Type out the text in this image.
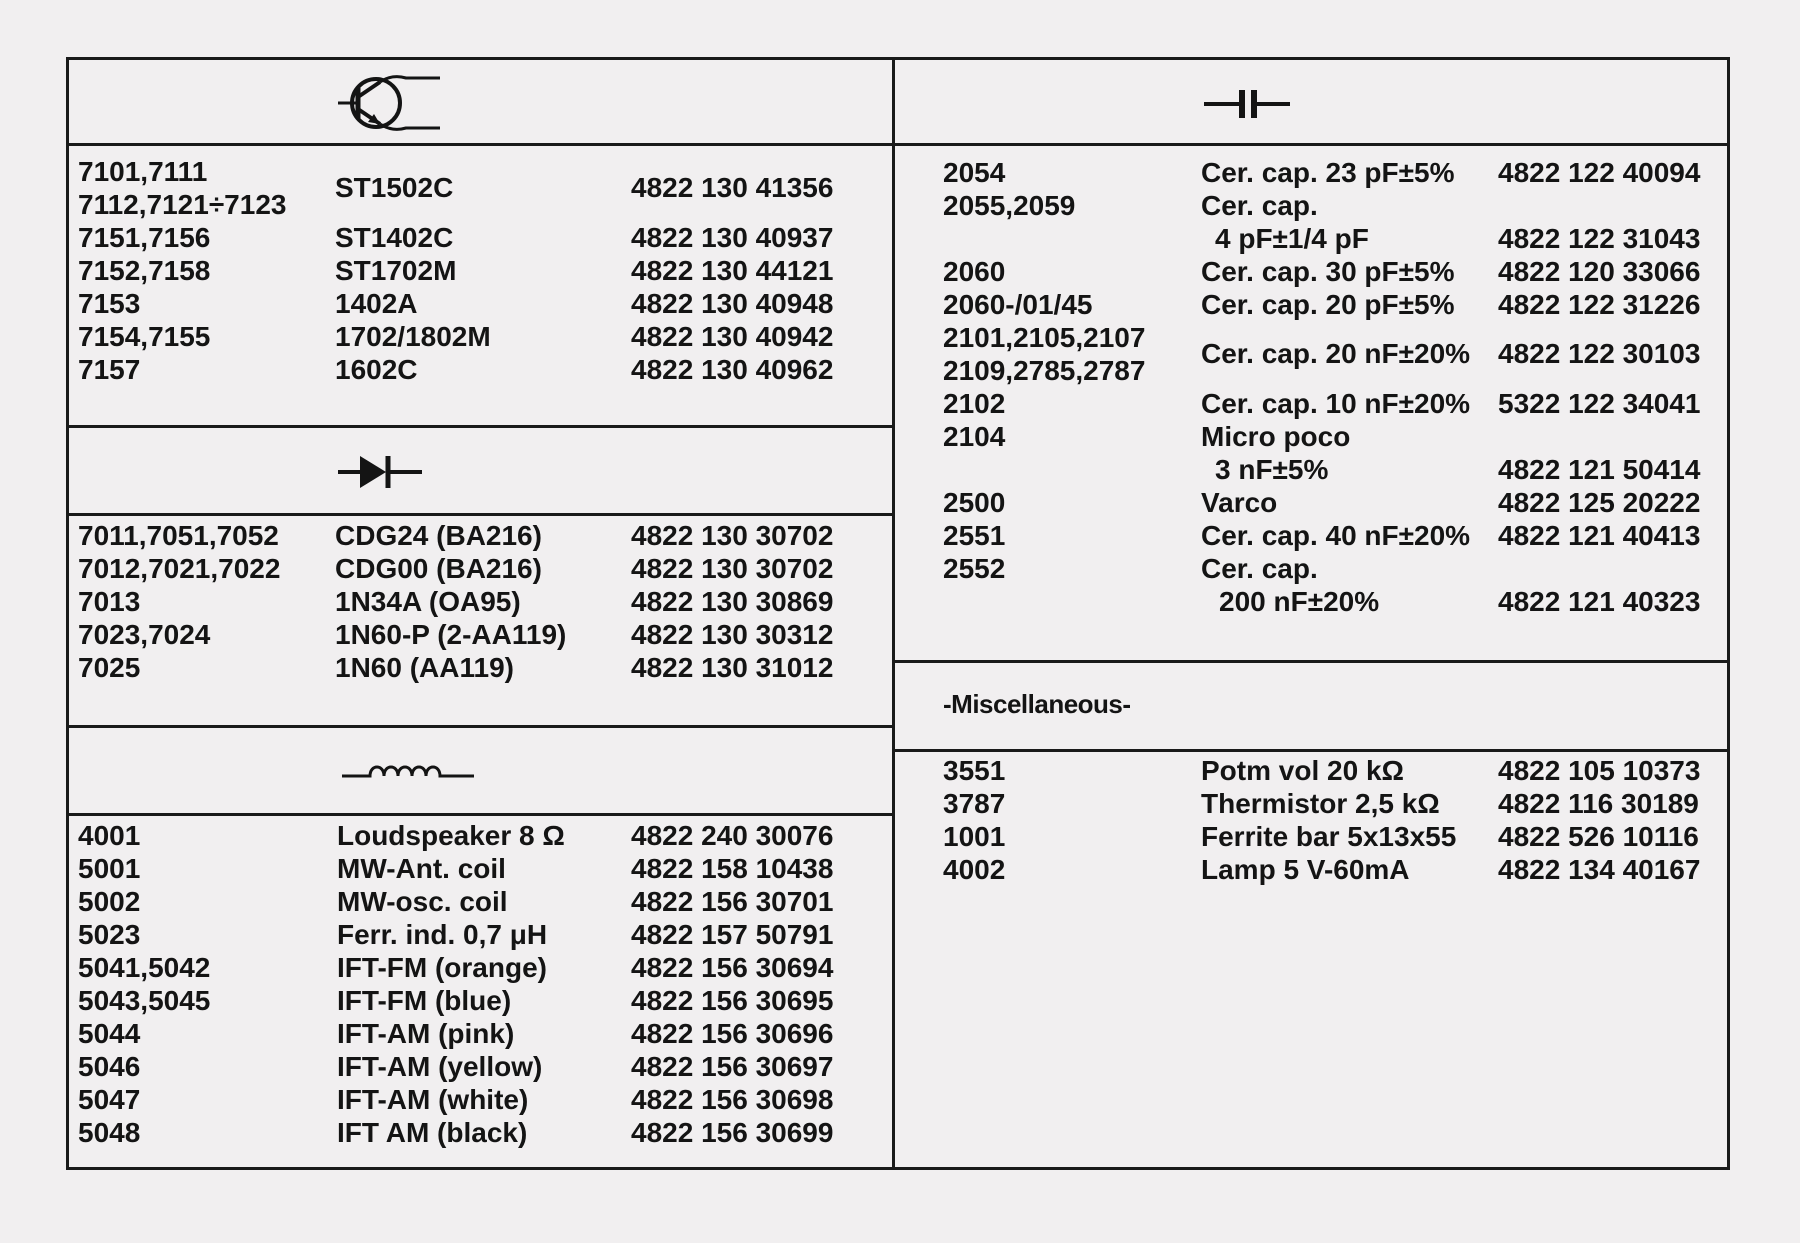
-Miscellaneous-
7101,7111
7112,7121÷7123
ST1502C	4822 130 41356
7151,7156	ST1402C	4822 130 40937
7152,7158	ST1702M	4822 130 44121
7153	1402A	4822 130 40948
7154,7155	1702/1802M	4822 130 40942
7157	1602C	4822 130 40962
7011,7051,7052 CDG24 (BA216)	4822 130 30702
7012,7021,7022 CDG00 (BA216)	4822 130 30702
7013	1N34A (OA95)	4822 130 30869
7023,7024	1N60-P (2-AA119) 4822 130 30312
7025	1N60 (AA119)	4822 130 31012
4001	Loudspeaker 8 Ω 4822 240 30076
5001	MW-Ant. coil	4822 158 10438
5002	MW-osc. coil	4822 156 30701
5023	Ferr. ind. 0,7 μH	4822 157 50791
5041,5042	IFT-FM (orange)	4822 156 30694
5043,5045	IFT-FM (blue)	4822 156 30695
5044	IFT-AM (pink)	4822 156 30696
5046	IFT-AM (yellow)	4822 156 30697
5047	IFT-AM (white)	4822 156 30698
5048	IFT AM (black)	4822 156 30699
2054	Cer. cap. 23 pF±5% 4822 122 40094
2055,2059	Cer. cap.
4 pF±1/4 pF	4822 122 31043
2060	Cer. cap. 30 pF±5% 4822 120 33066
2060-/01/45	Cer. cap. 20 pF±5% 4822 122 31226
2101,2105,2107
2109,2785,2787
Cer. cap. 20 nF±20% 4822 122 30103
2102	Cer. cap. 10 nF±20% 5322 122 34041
2104	Micro poco
3 nF±5%	4822 121 50414
2500	Varco	4822 125 20222
2551	Cer. cap. 40 nF±20% 4822 121 40413
2552	Cer. cap.
200 nF±20%	4822 121 40323
3551	Potm vol 20 kΩ	4822 105 10373
3787	Thermistor 2,5 kΩ 4822 116 30189
1001	Ferrite bar 5x13x55 4822 526 10116
4002	Lamp 5 V-60mA	4822 134 40167
